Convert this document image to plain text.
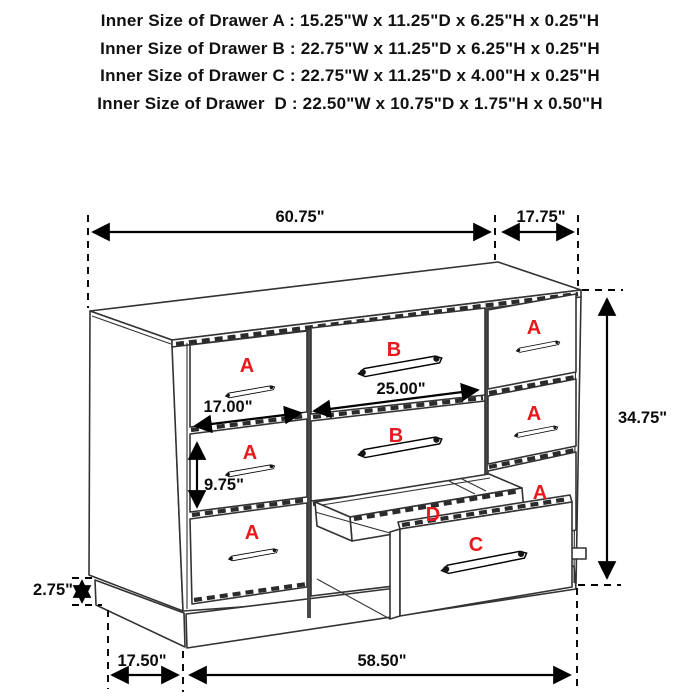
Inner Size of Drawer A : 15.25"W x 11.25"D x 6.25"H x 0.25"H
Inner Size of Drawer B : 22.75"W x 11.25"D x 6.25"H x 0.25"H
Inner Size of Drawer C : 22.75"W x 11.25"D x 4.00"H x 0.25"H
Inner Size of Drawer  D : 22.50"W x 10.75"D x 1.75"H x 0.50"H
A
A
A
A
A
A
B
B
C
D
60.75"	17.75"
34.75"
17.00"
25.00"
9.75"
2.75"
17.50"	58.50"
